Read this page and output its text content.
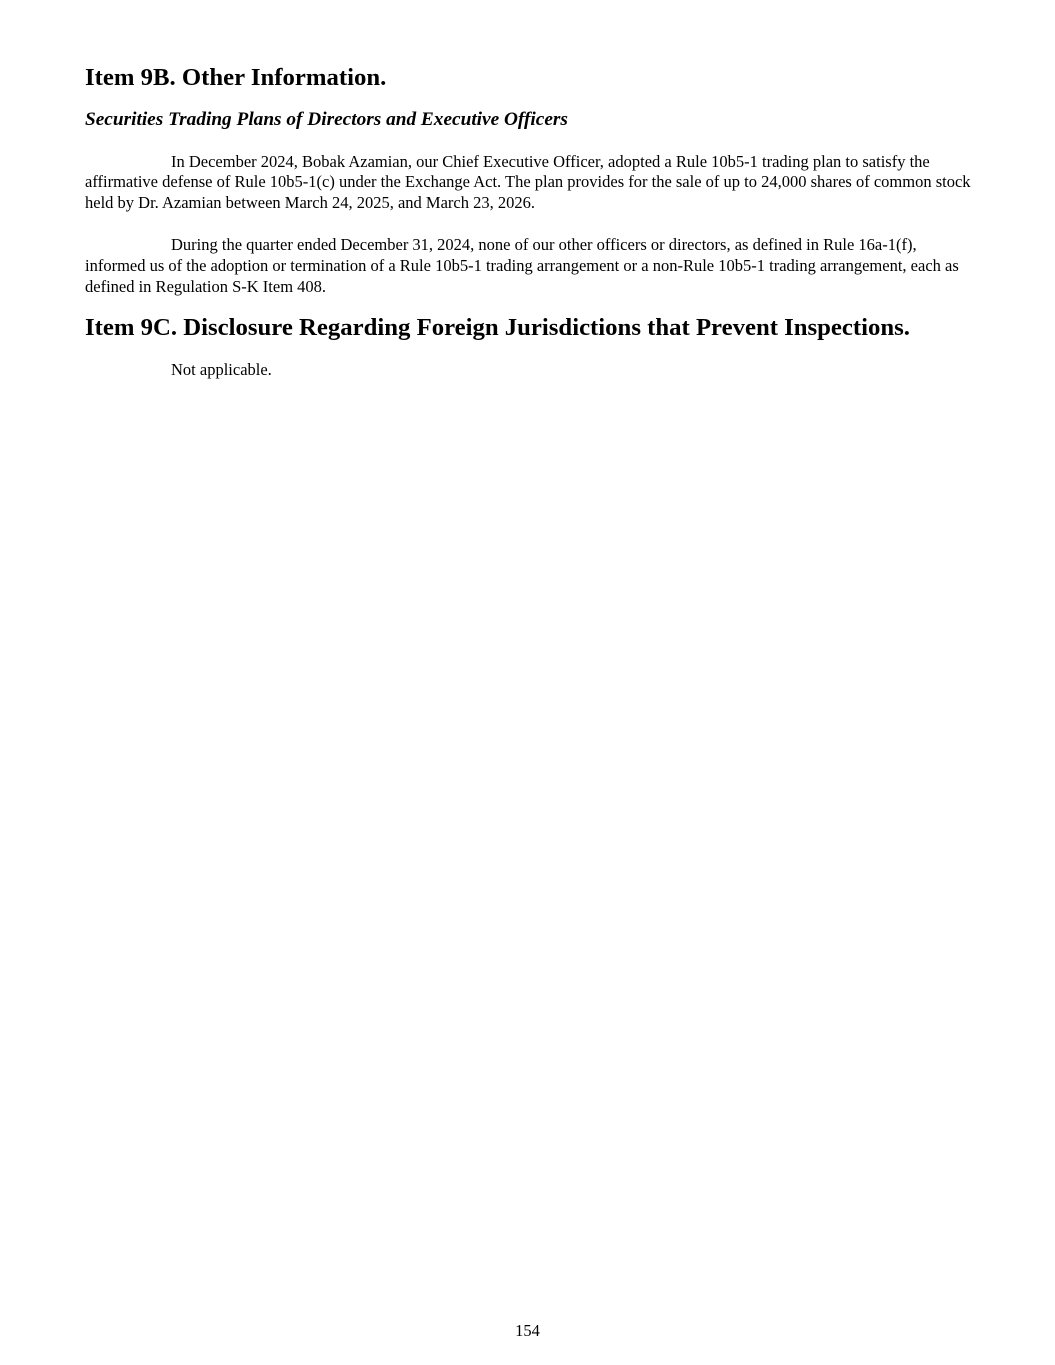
Item 9B. Other Information.
Securities Trading Plans of Directors and Executive Officers

In December 2024, Bobak Azamian, our Chief Executive Officer, adopted a Rule 10b5-1 trading plan to satisfy the affirmative defense of Rule 10b5-1(c) under the Exchange Act. The plan provides for the sale of up to 24,000 shares of common stock held by Dr. Azamian between March 24, 2025, and March 23, 2026.

During the quarter ended December 31, 2024, none of our other officers or directors, as defined in Rule 16a-1(f), informed us of the adoption or termination of a Rule 10b5-1 trading arrangement or a non-Rule 10b5-1 trading arrangement, each as defined in Regulation S-K Item 408.

Item 9C. Disclosure Regarding Foreign Jurisdictions that Prevent Inspections.

Not applicable.

154
